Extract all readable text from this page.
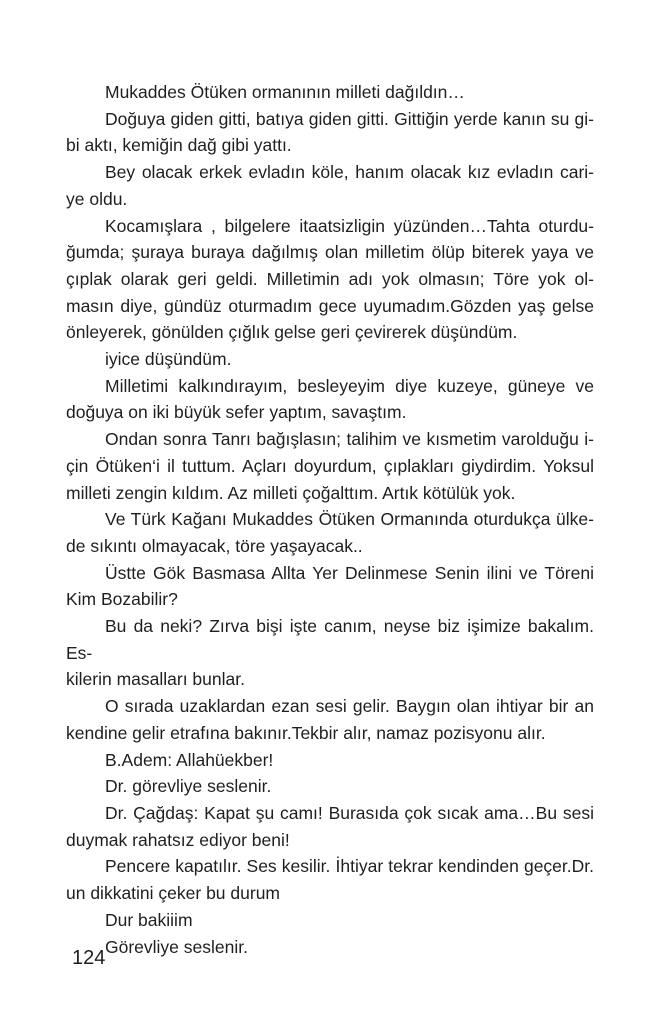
Mukaddes Ötüken ormanının milleti dağıldın…
Doğuya giden gitti, batıya giden gitti. Gittiğin yerde kanın su gi-
bi aktı, kemiğin dağ gibi yattı.
Bey olacak erkek evladın köle, hanım olacak kız evladın cari-
ye oldu.
Kocamışlara , bilgelere itaatsizligin yüzünden…Tahta oturdu-
ğumda; şuraya buraya dağılmış olan milletim ölüp biterek yaya ve
çıplak olarak geri geldi. Milletimin adı yok olmasın; Töre yok ol-
masın diye, gündüz oturmadım gece uyumadım.Gözden yaş gelse
önleyerek, gönülden çığlık gelse geri çevirerek düşündüm.
iyice düşündüm.
Milletimi kalkındırayım, besleyeyim diye kuzeye, güneye ve
doğuya on iki büyük sefer yaptım, savaştım.
Ondan sonra Tanrı bağışlasın; talihim ve kısmetim varolduğu i-
çin Ötüken‘i il tuttum. Açları doyurdum, çıplakları giydirdim. Yoksul
milleti zengin kıldım. Az milleti çoğalttım. Artık kötülük yok.
Ve Türk Kağanı Mukaddes Ötüken Ormanında oturdukça ülke-
de sıkıntı olmayacak, töre yaşayacak..
Üstte Gök Basmasa Allta Yer Delinmese Senin ilini ve Töreni
Kim Bozabilir?
Bu da neki? Zırva bişi işte canım, neyse biz işimize bakalım. Es-
kilerin masalları bunlar.
O sırada uzaklardan ezan sesi gelir. Baygın olan ihtiyar bir an
kendine gelir etrafına bakınır.Tekbir alır, namaz pozisyonu alır.
B.Adem: Allahüekber!
Dr. görevliye seslenir.
Dr. Çağdaş: Kapat şu camı! Burasıda çok sıcak ama…Bu sesi
duymak rahatsız ediyor beni!
Pencere kapatılır. Ses kesilir. İhtiyar tekrar kendinden geçer.Dr.
un dikkatini çeker bu durum
Dur bakiiim
Görevliye seslenir.
124
